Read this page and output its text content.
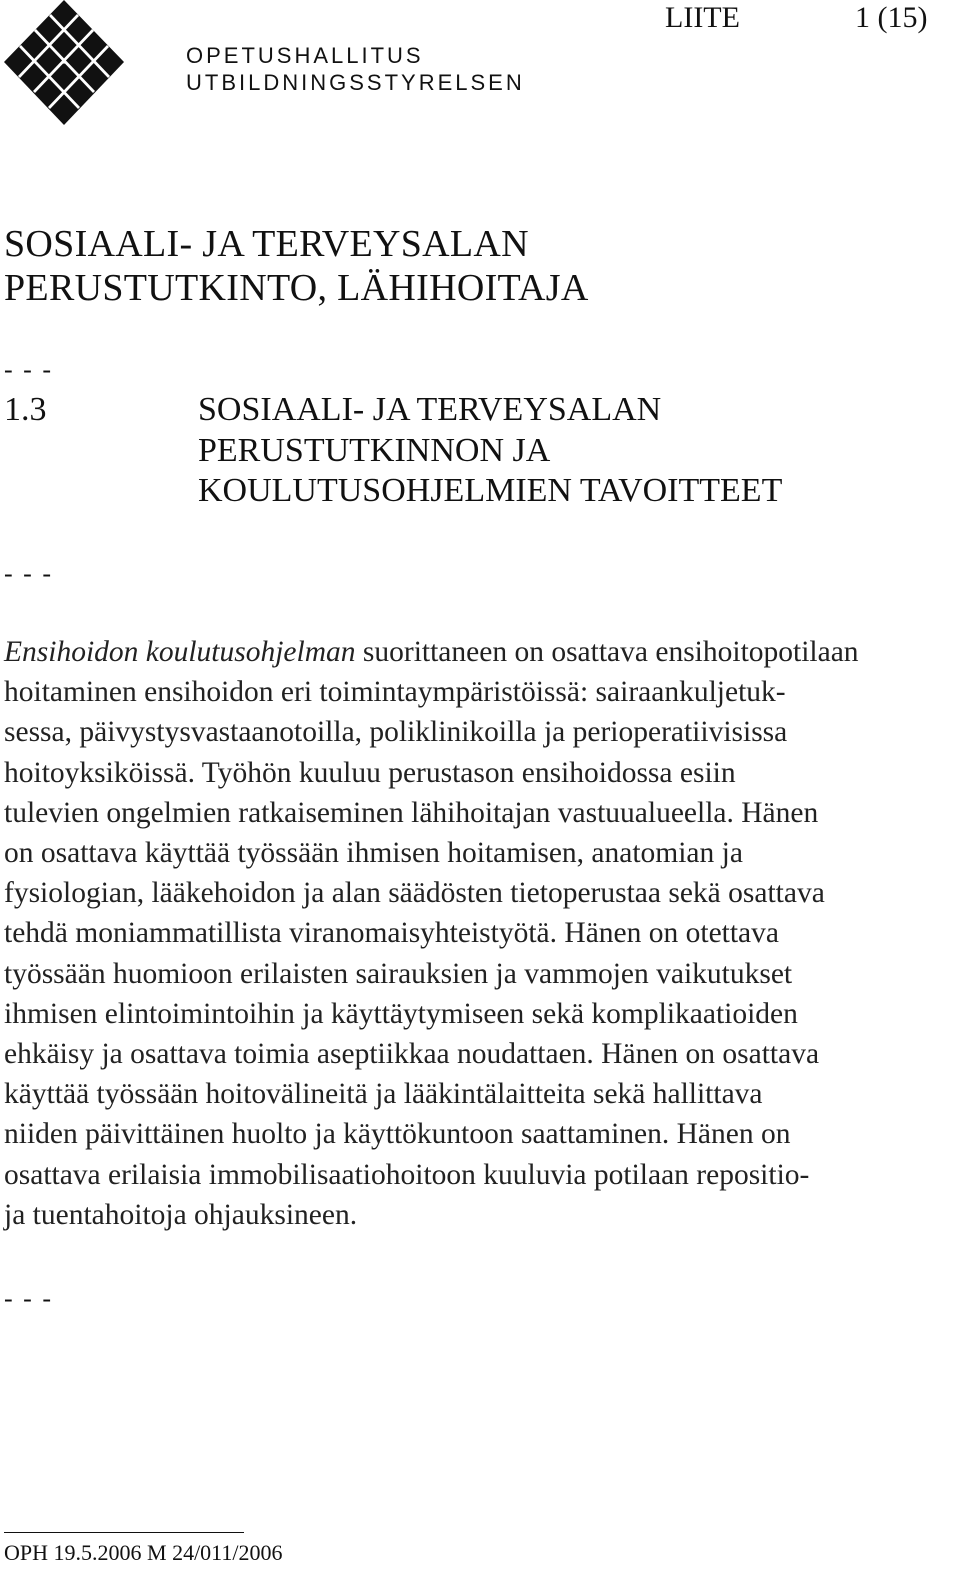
OPETUSHALLITUS
UTBILDNINGSSTYRELSEN
LIITE	1 (15)
SOSIAALI- JA TERVEYSALAN
PERUSTUTKINTO, LÄHIHOITAJA
- - -
1.3	SOSIAALI- JA TERVEYSALAN
PERUSTUTKINNON JA
KOULUTUSOHJELMIEN TAVOITTEET
- - -
Ensihoidon koulutusohjelman suorittaneen on osattava ensihoitopotilaan
hoitaminen ensihoidon eri toimintaympäristöissä: sairaankuljetuk-
sessa, päivystysvastaanotoilla, poliklinikoilla ja perioperatiivisissa
hoitoyksiköissä. Työhön kuuluu perustason ensihoidossa esiin
tulevien ongelmien ratkaiseminen lähihoitajan vastuualueella. Hänen
on osattava käyttää työssään ihmisen hoitamisen, anatomian ja
fysiologian, lääkehoidon ja alan säädösten tietoperustaa sekä osattava
tehdä moniammatillista viranomaisyhteistyötä. Hänen on otettava
työssään huomioon erilaisten sairauksien ja vammojen vaikutukset
ihmisen elintoimintoihin ja käyttäytymiseen sekä komplikaatioiden
ehkäisy ja osattava toimia aseptiikkaa noudattaen. Hänen on osattava
käyttää työssään hoitovälineitä ja lääkintälaitteita sekä hallittava
niiden päivittäinen huolto ja käyttökuntoon saattaminen. Hänen on
osattava erilaisia immobilisaatiohoitoon kuuluvia potilaan repositio-
ja tuentahoitoja ohjauksineen.
- - -
OPH 19.5.2006 M 24/011/2006
